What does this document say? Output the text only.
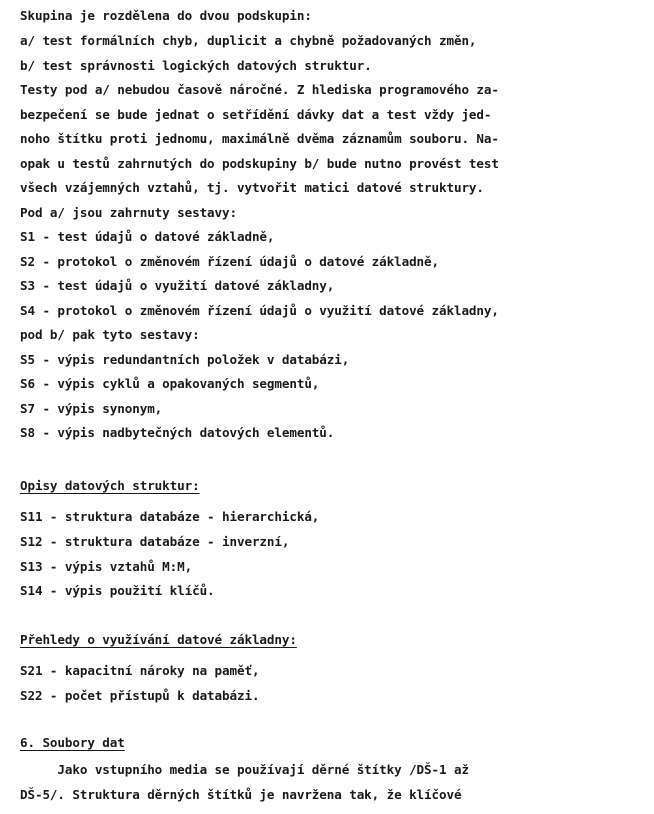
Skupina je rozdělena do dvou podskupin:
a/ test formálních chyb, duplicit a chybně požadovaných změn,
b/ test správnosti logických datových struktur.
Testy pod a/ nebudou časově náročné. Z hlediska programového za-
bezpečení se bude jednat o setřídění dávky dat a test vždy jed-
noho štítku proti jednomu, maximálně dvěma záznamům souboru. Na-
opak u testů zahrnutých do podskupiny b/ bude nutno provést test
všech vzájemných vztahů, tj. vytvořit matici datové struktury.
Pod a/ jsou zahrnuty sestavy:
S1 - test údajů o datové základně,
S2 - protokol o změnovém řízení údajů o datové základně,
S3 - test údajů o využití datové základny,
S4 - protokol o změnovém řízení údajů o využití datové základny,
pod b/ pak tyto sestavy:
S5 - výpis redundantních položek v databázi,
S6 - výpis cyklů a opakovaných segmentů,
S7 - výpis synonym,
S8 - výpis nadbytečných datových elementů.
Opisy datových struktur:
S11 - struktura databáze - hierarchická,
S12 - struktura databáze - inverzní,
S13 - výpis vztahů M:M,
S14 - výpis použití klíčů.
Přehledy o využívání datové základny:
S21 - kapacitní nároky na paměť,
S22 - počet přístupů k databázi.
6. Soubory dat
Jako vstupního media se používají děrné štítky /DŠ-1 až
DŠ-5/. Struktura děrných štítků je navržena tak, že klíčové
